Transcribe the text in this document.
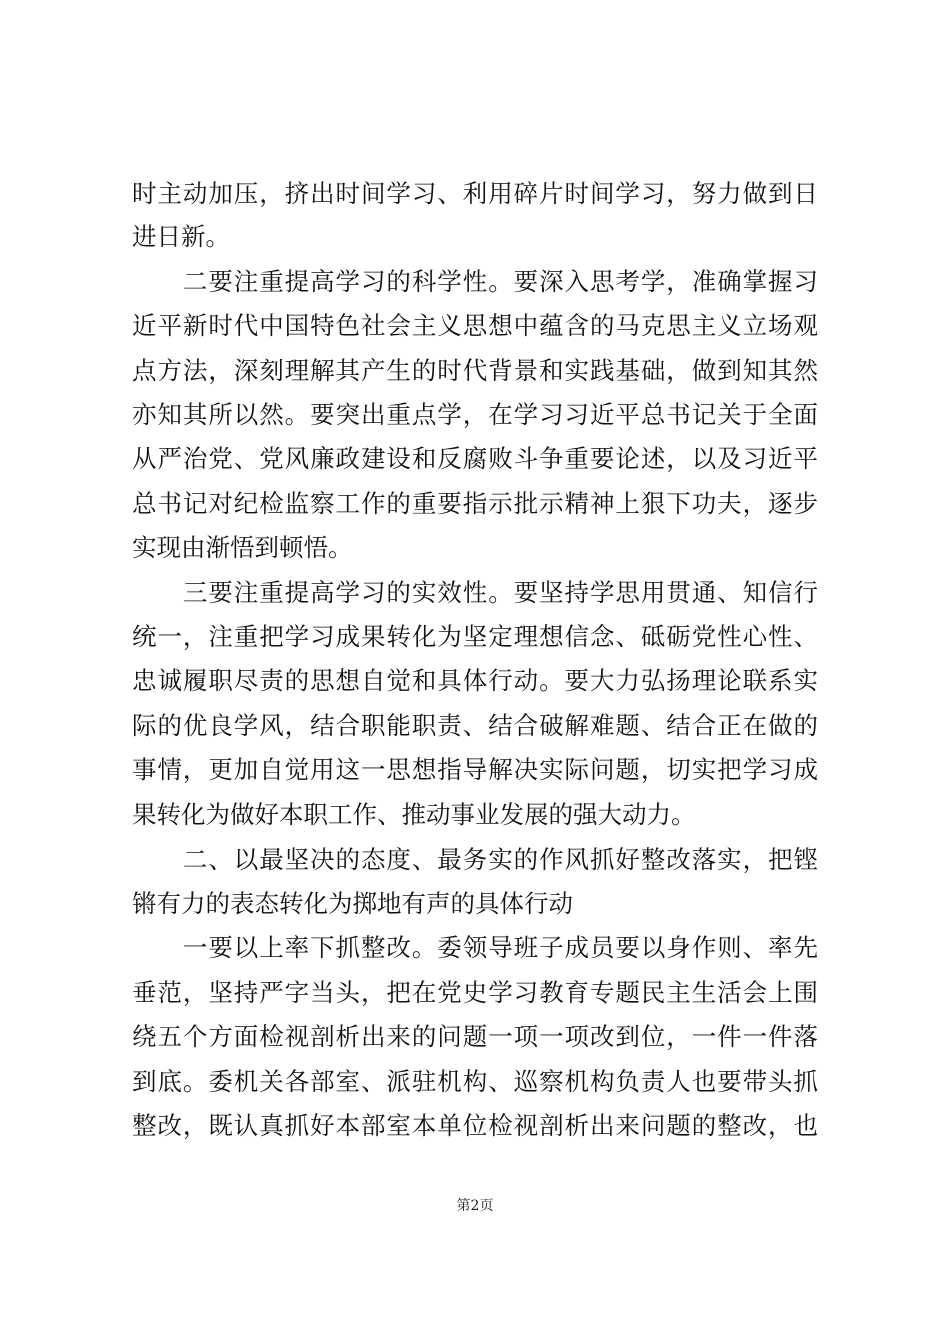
时主动加压，挤出时间学习、利用碎片时间学习，努力做到日
进日新。
　　二要注重提高学习的科学性。要深入思考学，准确掌握习
近平新时代中国特色社会主义思想中蕴含的马克思主义立场观
点方法，深刻理解其产生的时代背景和实践基础，做到知其然
亦知其所以然。要突出重点学，在学习习近平总书记关于全面
从严治党、党风廉政建设和反腐败斗争重要论述，以及习近平
总书记对纪检监察工作的重要指示批示精神上狠下功夫，逐步
实现由渐悟到顿悟。
　　三要注重提高学习的实效性。要坚持学思用贯通、知信行
统一，注重把学习成果转化为坚定理想信念、砥砺党性心性、
忠诚履职尽责的思想自觉和具体行动。要大力弘扬理论联系实
际的优良学风，结合职能职责、结合破解难题、结合正在做的
事情，更加自觉用这一思想指导解决实际问题，切实把学习成
果转化为做好本职工作、推动事业发展的强大动力。
　　二、以最坚决的态度、最务实的作风抓好整改落实，把铿
锵有力的表态转化为掷地有声的具体行动
　　一要以上率下抓整改。委领导班子成员要以身作则、率先
垂范，坚持严字当头，把在党史学习教育专题民主生活会上围
绕五个方面检视剖析出来的问题一项一项改到位，一件一件落
到底。委机关各部室、派驻机构、巡察机构负责人也要带头抓
整改，既认真抓好本部室本单位检视剖析出来问题的整改，也
第2页
